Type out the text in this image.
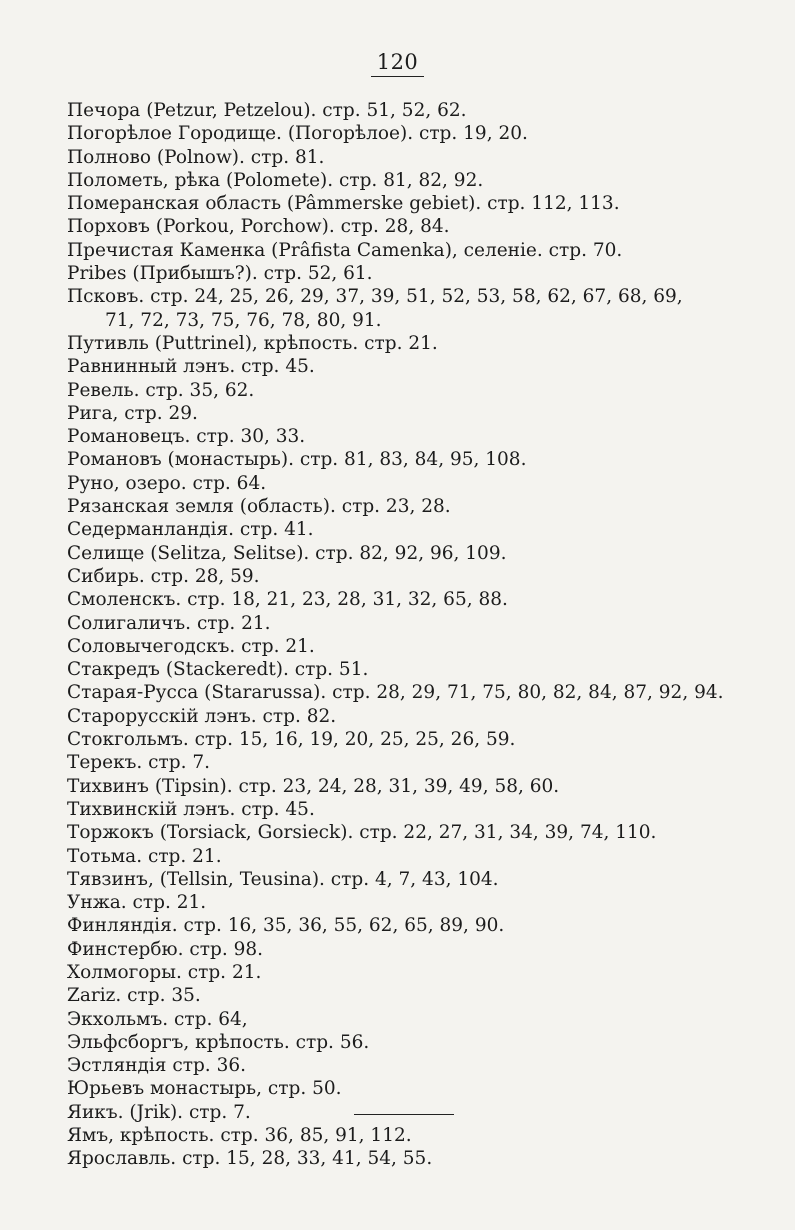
120
Печора (Petzur, Petzelou). стр. 51, 52, 62.
Погорѣлое Городище. (Погорѣлое). стр. 19, 20.
Полново (Polnow). стр. 81.
Полометь, рѣка (Polomete). стр. 81, 82, 92.
Померанская область (Pâmmerske gebiet). стр. 112, 113.
Порховъ (Porkou, Porchow). стр. 28, 84.
Пречистая Каменка (Prâfista Camenka), селеніе. стр. 70.
Pribes (Прибышъ?). стр. 52, 61.
Псковъ. стр. 24, 25, 26, 29, 37, 39, 51, 52, 53, 58, 62, 67, 68, 69,
71, 72, 73, 75, 76, 78, 80, 91.
Путивль (Puttrinel), крѣпость. стр. 21.
Равнинный лэнъ. стр. 45.
Ревель. стр. 35, 62.
Рига, стр. 29.
Романовецъ. стр. 30, 33.
Романовъ (монастырь). стр. 81, 83, 84, 95, 108.
Руно, озеро. стр. 64.
Рязанская земля (область). стр. 23, 28.
Седерманландія. стр. 41.
Селище (Selitza, Selitse). стр. 82, 92, 96, 109.
Сибирь. стр. 28, 59.
Смоленскъ. стр. 18, 21, 23, 28, 31, 32, 65, 88.
Солигаличъ. стр. 21.
Соловычегодскъ. стр. 21.
Стакредъ (Stackeredt). стр. 51.
Старая-Русса (Stararussa). стр. 28, 29, 71, 75, 80, 82, 84, 87, 92, 94.
Старорусскій лэнъ. стр. 82.
Стокгольмъ. стр. 15, 16, 19, 20, 25, 25, 26, 59.
Терекъ. стр. 7.
Тихвинъ (Tipsin). стр. 23, 24, 28, 31, 39, 49, 58, 60.
Тихвинскій лэнъ. стр. 45.
Торжокъ (Torsiack, Gorsieck). стр. 22, 27, 31, 34, 39, 74, 110.
Тотьма. стр. 21.
Тявзинъ, (Tellsin, Teusina). стр. 4, 7, 43, 104.
Унжа. стр. 21.
Финляндія. стр. 16, 35, 36, 55, 62, 65, 89, 90.
Финстербю. стр. 98.
Холмогоры. стр. 21.
Zariz. стр. 35.
Экхольмъ. стр. 64,
Эльфсборгъ, крѣпость. стр. 56.
Эстляндія стр. 36.
Юрьевъ монастырь, стр. 50.
Яикъ. (Jrik). стр. 7.
Ямъ, крѣпость. стр. 36, 85, 91, 112.
Ярославль. стр. 15, 28, 33, 41, 54, 55.
